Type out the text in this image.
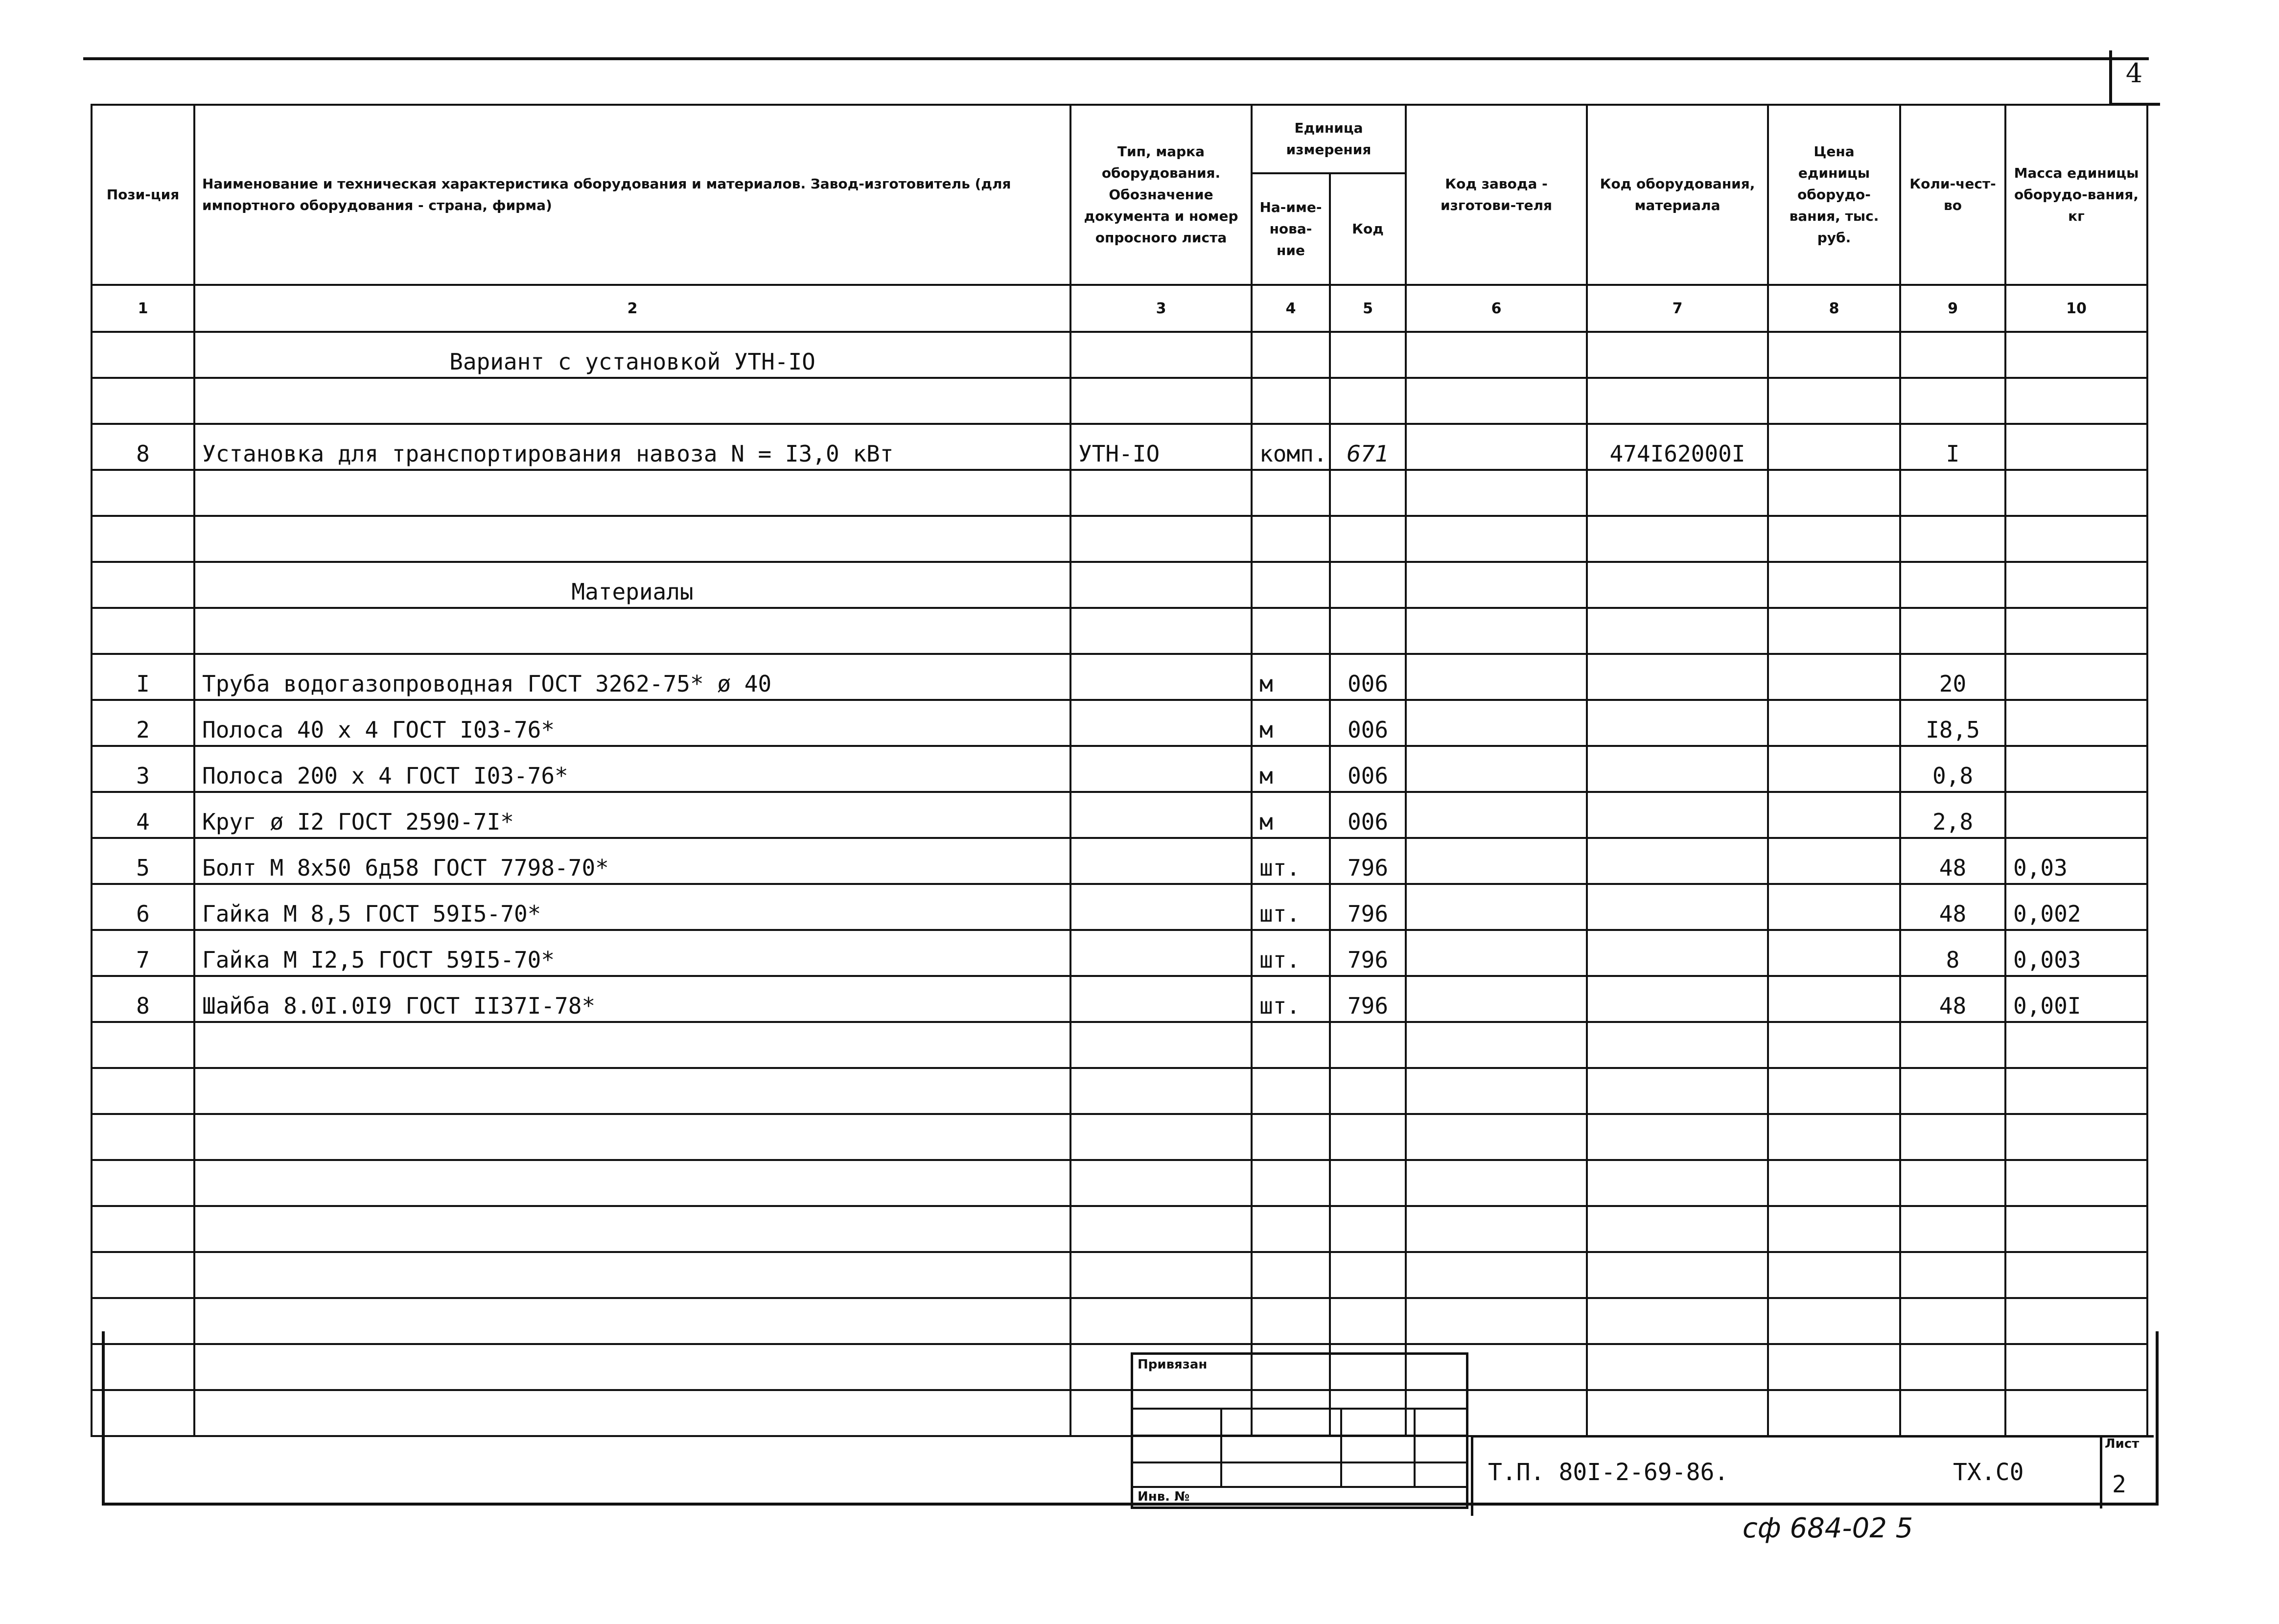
4
Пози-ция	Наименование и техническая характеристика оборудования и материалов. Завод-изготовитель (для импортного оборудования - страна, фирма)	Тип, марка оборудования. Обозначение документа и номер опросного листа	Единица измерения		Код завода - изготови-теля	Код оборудования, материала	Цена единицы оборудо-вания, тыс. руб.	Коли-чест-во	Масса единицы оборудо-вания, кг
			На-име-нова-ние	Код					
1	2	3	4	5	6	7	8	9	10
	Вариант с установкой УТН-IO								

8	Установка для транспортирования навоза N = I3,0 кВт	УТН-IO	комп.	671		474I62000I		I	

	Материалы								

I	Труба водогазопроводная ГОСТ 3262-75* ø 40		м	006				20	
2	Полоса 40 х 4 ГОСТ I03-76*		м	006				I8,5	
3	Полоса 200 х 4 ГОСТ I03-76*		м	006				0,8	
4	Круг ø I2 ГОСТ 2590-7I*		м	006				2,8	
5	Болт М 8х50 6д58 ГОСТ 7798-70*		шт.	796				48	0,03
6	Гайка М 8,5 ГОСТ 59I5-70*		шт.	796				48	0,002
7	Гайка М I2,5 ГОСТ 59I5-70*		шт.	796				8	0,003
8	Шайба 8.0I.0I9 ГОСТ II37I-78*		шт.	796				48	0,00I

Привязан
Инв. №
Т.П. 80I-2-69-86.	ТХ.С0
Лист
2
сф 684-02 5
